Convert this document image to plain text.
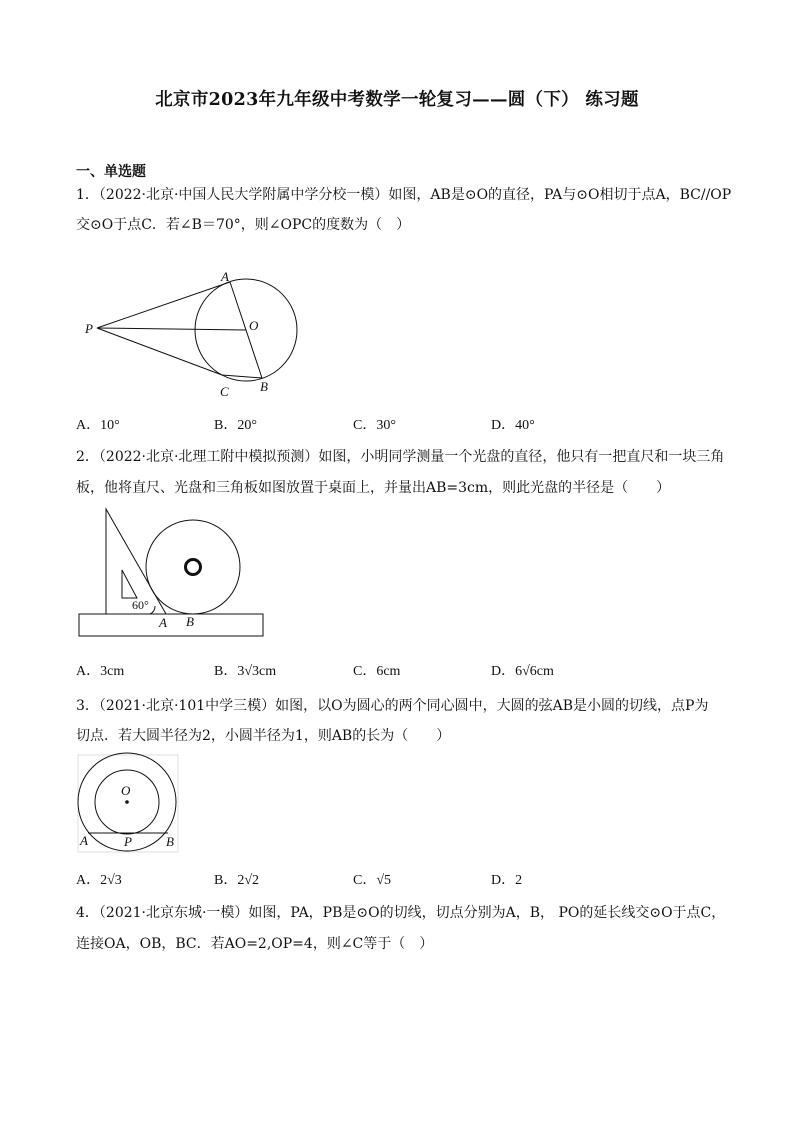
北京市2023年九年级中考数学一轮复习——圆（下） 练习题
一、单选题
1．（2022·北京·中国人民大学附属中学分校一模）如图，AB是⊙O的直径，PA与⊙O相切于点A，BC//OP
交⊙O于点C．若∠B＝70°，则∠OPC的度数为（　）
A
O
P
C B
A．10°	B．20°	C．30°	D．40°
2．（2022·北京·北理工附中模拟预测）如图，小明同学测量一个光盘的直径，他只有一把直尺和一块三角
板，他将直尺、光盘和三角板如图放置于桌面上，并量出AB=3cm，则此光盘的半径是（　　）
60°
A B
A．3cm	B．3√3cm	C．6cm	D．6√6cm
3．（2021·北京·101中学三模）如图，以O为圆心的两个同心圆中，大圆的弦AB是小圆的切线，点P为
切点．若大圆半径为2，小圆半径为1，则AB的长为（　　）
O
A	P	B
A．2√3	B．2√2	C．√5	D．2
4．（2021·北京东城·一模）如图，PA，PB是⊙O的切线，切点分别为A，B， PO的延长线交⊙O于点C，
连接OA，OB，BC．若AO=2,OP=4，则∠C等于（　）
